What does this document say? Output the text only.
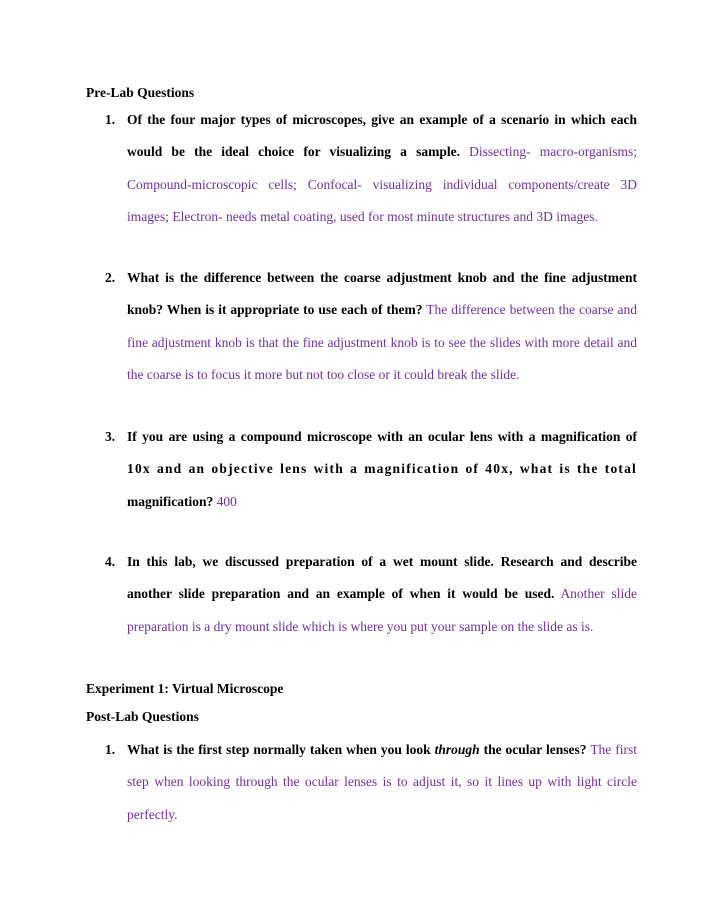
Pre-Lab Questions
1. Of the four major types of microscopes, give an example of a scenario in which each would be the ideal choice for visualizing a sample. Dissecting- macro-organisms; Compound-microscopic cells; Confocal- visualizing individual components/create 3D images; Electron- needs metal coating, used for most minute structures and 3D images.
2. What is the difference between the coarse adjustment knob and the fine adjustment knob? When is it appropriate to use each of them? The difference between the coarse and fine adjustment knob is that the fine adjustment knob is to see the slides with more detail and the coarse is to focus it more but not too close or it could break the slide.
3. If you are using a compound microscope with an ocular lens with a magnification of
10x and an objective lens with a magnification of 40x, what is the total
magnification? 400
4. In this lab, we discussed preparation of a wet mount slide. Research and describe another slide preparation and an example of when it would be used. Another slide preparation is a dry mount slide which is where you put your sample on the slide as is.
Experiment 1: Virtual Microscope
Post-Lab Questions
1. What is the first step normally taken when you look through the ocular lenses? The first step when looking through the ocular lenses is to adjust it, so it lines up with light circle perfectly.
